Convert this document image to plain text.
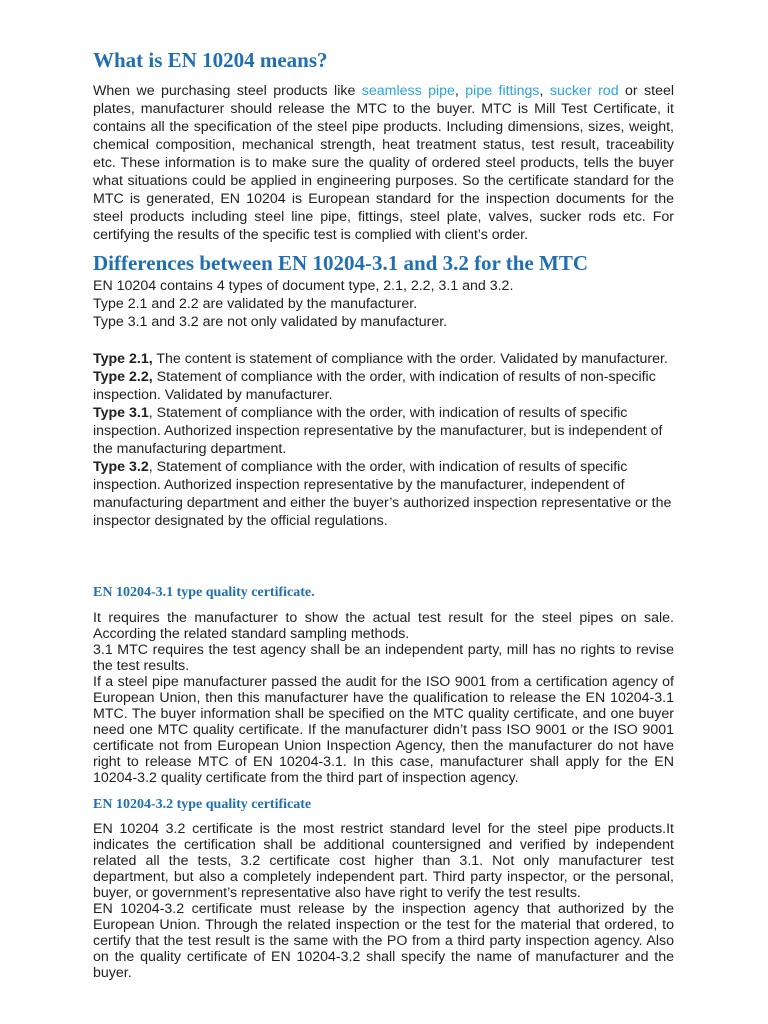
What is EN 10204 means?

When we purchasing steel products like seamless pipe, pipe fittings, sucker rod or steel plates, manufacturer should release the MTC to the buyer. MTC is Mill Test Certificate, it contains all the specification of the steel pipe products. Including dimensions, sizes, weight, chemical composition, mechanical strength, heat treatment status, test result, traceability etc. These information is to make sure the quality of ordered steel products, tells the buyer what situations could be applied in engineering purposes. So the certificate standard for the MTC is generated, EN 10204 is European standard for the inspection documents for the steel products including steel line pipe, fittings, steel plate, valves, sucker rods etc. For certifying the results of the specific test is complied with client’s order.

Differences between EN 10204-3.1 and 3.2 for the MTC

EN 10204 contains 4 types of document type, 2.1, 2.2, 3.1 and 3.2.
Type 2.1 and 2.2 are validated by the manufacturer.
Type 3.1 and 3.2 are not only validated by manufacturer.

Type 2.1, The content is statement of compliance with the order. Validated by manufacturer.
Type 2.2, Statement of compliance with the order, with indication of results of non-specific inspection. Validated by manufacturer.
Type 3.1, Statement of compliance with the order, with indication of results of specific inspection. Authorized inspection representative by the manufacturer, but is independent of the manufacturing department.
Type 3.2, Statement of compliance with the order, with indication of results of specific inspection. Authorized inspection representative by the manufacturer, independent of manufacturing department and either the buyer’s authorized inspection representative or the inspector designated by the official regulations.
EN 10204-3.1 type quality certificate.
It requires the manufacturer to show the actual test result for the steel pipes on sale. According the related standard sampling methods.
3.1 MTC requires the test agency shall be an independent party, mill has no rights to revise the test results.
If a steel pipe manufacturer passed the audit for the ISO 9001 from a certification agency of European Union, then this manufacturer have the qualification to release the EN 10204-3.1 MTC. The buyer information shall be specified on the MTC quality certificate, and one buyer need one MTC quality certificate. If the manufacturer didn’t pass ISO 9001 or the ISO 9001 certificate not from European Union Inspection Agency, then the manufacturer do not have right to release MTC of EN 10204-3.1. In this case, manufacturer shall apply for the EN 10204-3.2 quality certificate from the third part of inspection agency.
EN 10204-3.2 type quality certificate
EN 10204 3.2 certificate is the most restrict standard level for the steel pipe products.It indicates the certification shall be additional countersigned and verified by independent related all the tests, 3.2 certificate cost higher than 3.1. Not only manufacturer test department, but also a completely independent part. Third party inspector, or the personal, buyer, or government’s representative also have right to verify the test results.
EN 10204-3.2 certificate must release by the inspection agency that authorized by the European Union. Through the related inspection or the test for the material that ordered, to certify that the test result is the same with the PO from a third party inspection agency. Also on the quality certificate of EN 10204-3.2 shall specify the name of manufacturer and the buyer.
